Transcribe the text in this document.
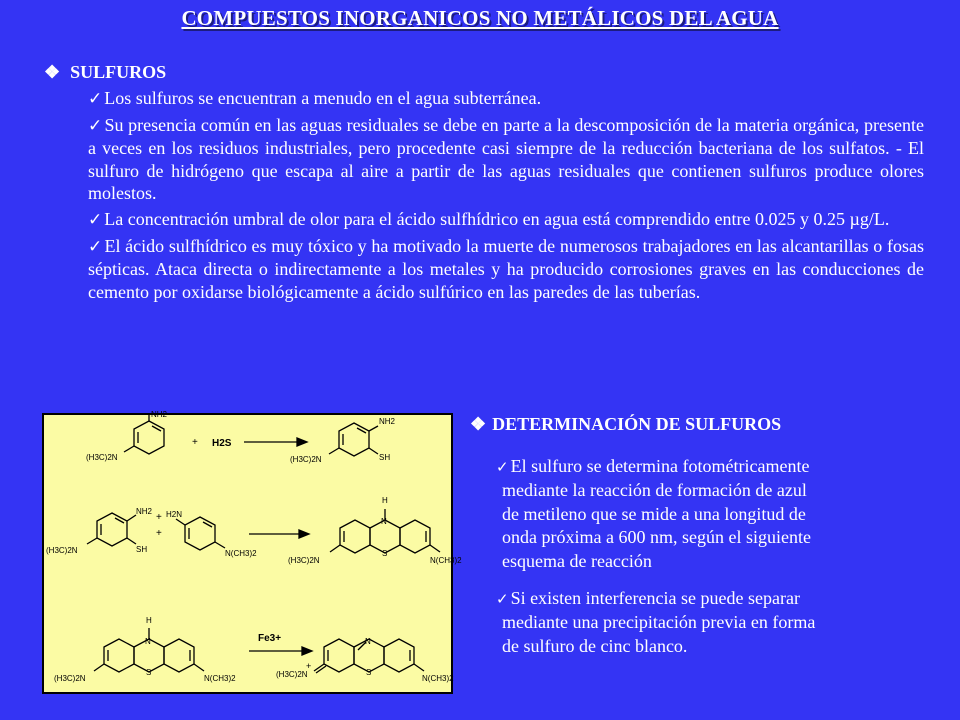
COMPUESTOS INORGANICOS NO METÁLICOS DEL AGUA
❖ SULFUROS

✓ Los sulfuros se encuentran a menudo en el agua subterránea.

✓ Su presencia común en las aguas residuales se debe en parte a la descomposición de la materia orgánica, presente a veces en los residuos industriales, pero procedente casi siempre de la reducción bacteriana de los sulfatos. - El sulfuro de hidrógeno que escapa al aire a partir de las aguas residuales que contienen sulfuros produce olores molestos.

✓ La concentración umbral de olor para el ácido sulfhídrico en agua está comprendido entre 0.025 y 0.25 µg/L.

✓ El ácido sulfhídrico es muy tóxico y ha motivado la muerte de numerosos trabajadores en las alcantarillas o fosas sépticas. Ataca directa o indirectamente a los metales y ha producido corrosiones graves en las conducciones de cemento por oxidarse biológicamente a ácido sulfúrico en las paredes de las tuberías.

NH2
(H3C)2N
+ H2S
NH2
SH
(H3C)2N
NH2
SH
(H3C)2N
+
+
H2N
N(CH3)2
H
N
S
(H3C)2N	N(CH3)2
H
N
S
(H3C)2N	N(CH3)2
Fe3+	N
S
(H3C)2N
+
N(CH3)2
❖ DETERMINACIÓN DE SULFUROS
✓ El sulfuro se determina fotométricamente
mediante la reacción de formación de azul
de metileno que se mide a una longitud de
onda próxima a 600 nm, según el siguiente
esquema de reacción
✓ Si existen interferencia se puede separar
mediante una precipitación previa en forma
de sulfuro de cinc blanco.
